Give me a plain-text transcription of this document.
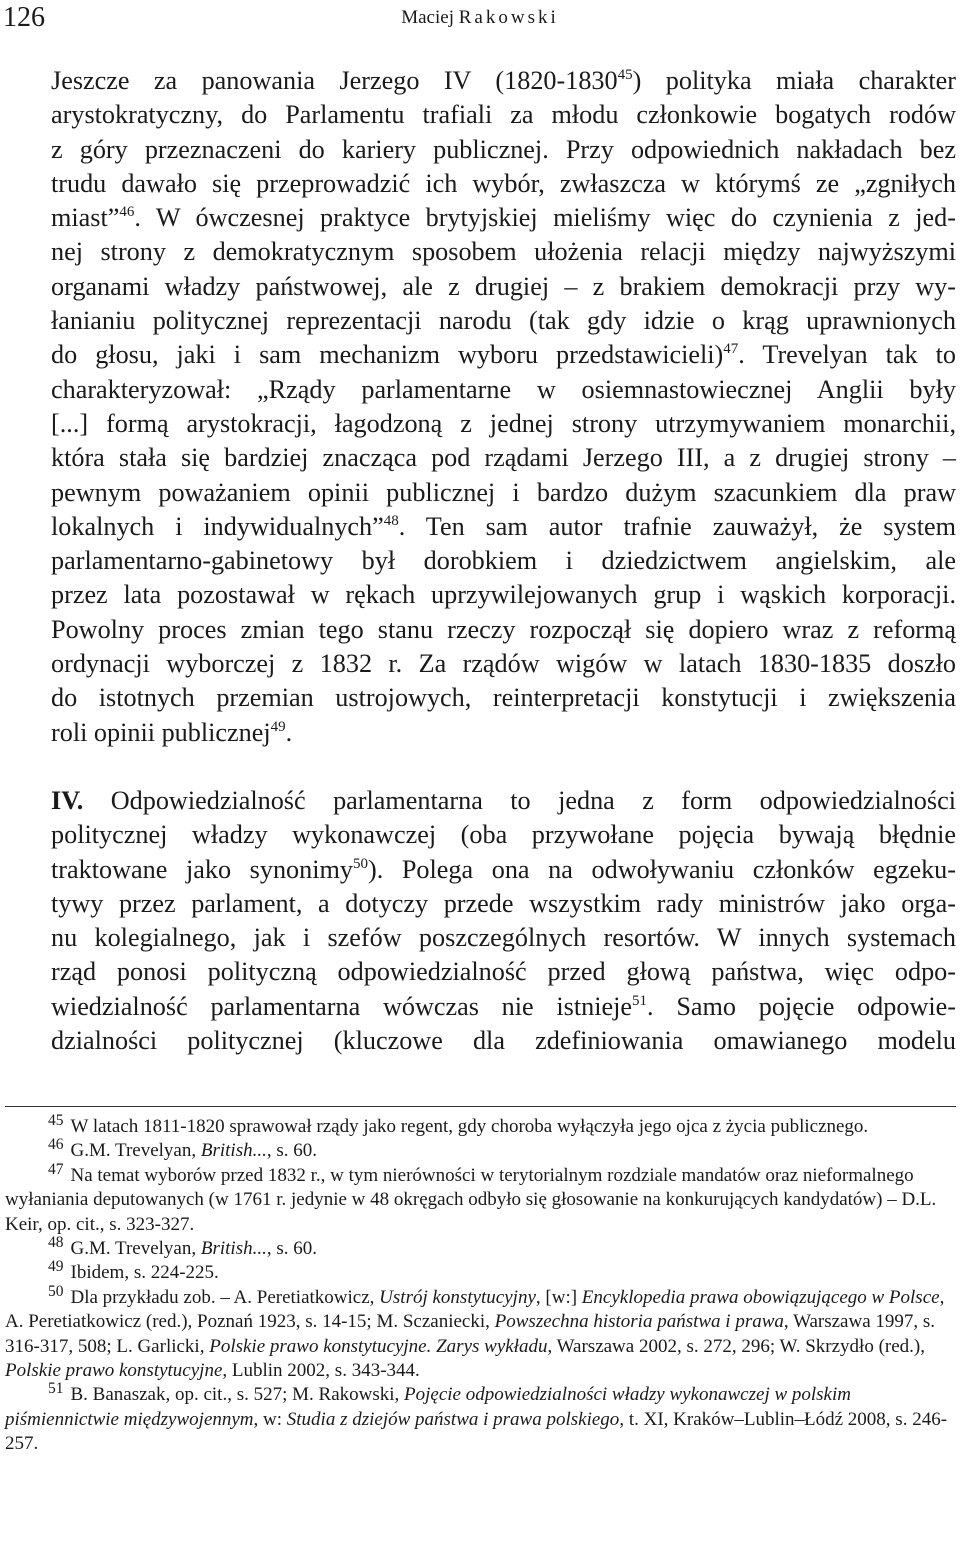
126	Maciej Rakowski

Jeszcze za panowania Jerzego IV (1820-1830$^{45}$) polityka miała charakter
arystokratyczny, do Parlamentu trafiali za młodu członkowie bogatych rodów
z góry przeznaczeni do kariery publicznej. Przy odpowiednich nakładach bez
trudu dawało się przeprowadzić ich wybór, zwłaszcza w którymś ze „zgniłych
miast”$^{46}$. W ówczesnej praktyce brytyjskiej mieliśmy więc do czynienia z jed-
nej strony z demokratycznym sposobem ułożenia relacji między najwyższymi
organami władzy państwowej, ale z drugiej – z brakiem demokracji przy wy-
łanianiu politycznej reprezentacji narodu (tak gdy idzie o krąg uprawnionych
do głosu, jaki i sam mechanizm wyboru przedstawicieli)$^{47}$. Trevelyan tak to
charakteryzował: „Rządy parlamentarne w osiemnastowiecznej Anglii były
[...] formą arystokracji, łagodzoną z jednej strony utrzymywaniem monarchii,
która stała się bardziej znacząca pod rządami Jerzego III, a z drugiej strony –
pewnym poważaniem opinii publicznej i bardzo dużym szacunkiem dla praw
lokalnych i indywidualnych”$^{48}$. Ten sam autor trafnie zauważył, że system
parlamentarno-gabinetowy był dorobkiem i dziedzictwem angielskim, ale
przez lata pozostawał w rękach uprzywilejowanych grup i wąskich korporacji.
Powolny proces zmian tego stanu rzeczy rozpoczął się dopiero wraz z reformą
ordynacji wyborczej z 1832 r. Za rządów wigów w latach 1830-1835 doszło
do istotnych przemian ustrojowych, reinterpretacji konstytucji i zwiększenia
roli opinii publicznej$^{49}$.

IV. Odpowiedzialność parlamentarna to jedna z form odpowiedzialności
politycznej władzy wykonawczej (oba przywołane pojęcia bywają błędnie
traktowane jako synonimy$^{50}$). Polega ona na odwoływaniu członków egzeku-
tywy przez parlament, a dotyczy przede wszystkim rady ministrów jako orga-
nu kolegialnego, jak i szefów poszczególnych resortów. W innych systemach
rząd ponosi polityczną odpowiedzialność przed głową państwa, więc odpo-
wiedzialność parlamentarna wówczas nie istnieje$^{51}$. Samo pojęcie odpowie-
dzialności politycznej (kluczowe dla zdefiniowania omawianego modelu

$^{45}$ W latach 1811-1820 sprawował rządy jako regent, gdy choroba wyłączyła jego ojca z życia publicznego.

$^{46}$ G.M. Trevelyan, British..., s. 60.

$^{47}$ Na temat wyborów przed 1832 r., w tym nierówności w terytorialnym rozdziale mandatów oraz nieformalnego wyłaniania deputowanych (w 1761 r. jedynie w 48 okręgach odbyło się głosowanie na konkurujących kandydatów) – D.L. Keir, op. cit., s. 323-327.

$^{48}$ G.M. Trevelyan, British..., s. 60.

$^{49}$ Ibidem, s. 224-225.

$^{50}$ Dla przykładu zob. – A. Peretiatkowicz, Ustrój konstytucyjny, [w:] Encyklopedia prawa obowiązującego w Polsce, A. Peretiatkowicz (red.), Poznań 1923, s. 14-15; M. Sczaniecki, Powszechna historia państwa i prawa, Warszawa 1997, s. 316-317, 508; L. Garlicki, Polskie prawo konstytucyjne. Zarys wykładu, Warszawa 2002, s. 272, 296; W. Skrzydło (red.), Polskie prawo konstytucyjne, Lublin 2002, s. 343-344.

$^{51}$ B. Banaszak, op. cit., s. 527; M. Rakowski, Pojęcie odpowiedzialności władzy wykonawczej w polskim piśmiennictwie międzywojennym, w: Studia z dziejów państwa i prawa polskiego, t. XI, Kraków–Lublin–Łódź 2008, s. 246-257.
